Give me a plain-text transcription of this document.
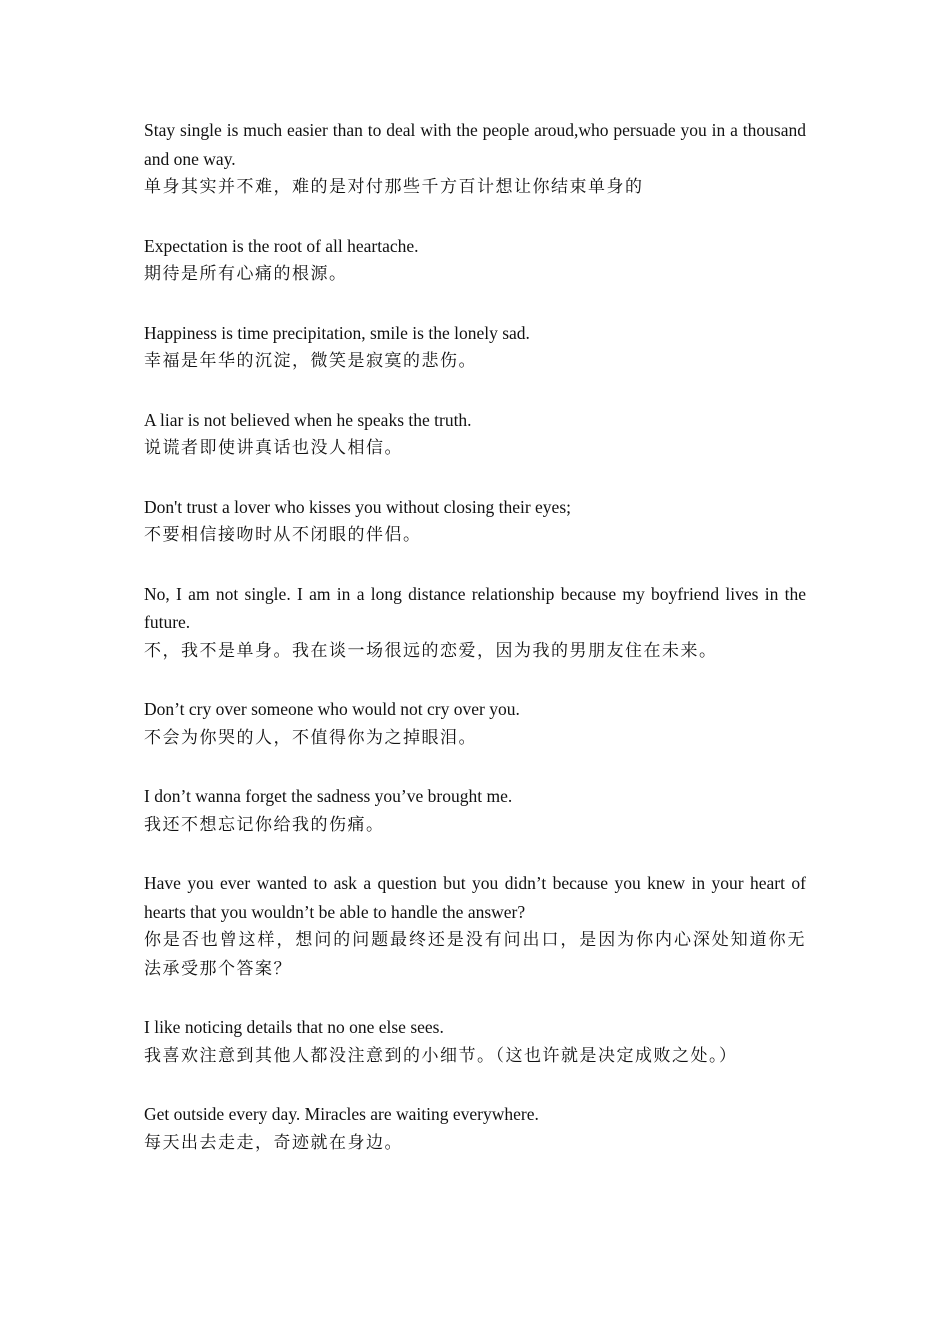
Stay single is much easier than to deal with the people aroud,who persuade you in a thousand and one way.

单身其实并不难，难的是对付那些千方百计想让你结束单身的

Expectation is the root of all heartache.

期待是所有心痛的根源。

Happiness is time precipitation, smile is the lonely sad.

幸福是年华的沉淀，微笑是寂寞的悲伤。

A liar is not believed when he speaks the truth.

说谎者即使讲真话也没人相信。

Don't trust a lover who kisses you without closing their eyes;

不要相信接吻时从不闭眼的伴侣。

No, I am not single. I am in a long distance relationship because my boyfriend lives in the future.

不，我不是单身。我在谈一场很远的恋爱，因为我的男朋友住在未来。

Don’t cry over someone who would not cry over you.

不会为你哭的人，不值得你为之掉眼泪。

I don’t wanna forget the sadness you’ve brought me.

我还不想忘记你给我的伤痛。

Have you ever wanted to ask a question but you didn’t because you knew in your heart of hearts that you wouldn’t be able to handle the answer?

你是否也曾这样，想问的问题最终还是没有问出口，是因为你内心深处知道你无法承受那个答案？

I like noticing details that no one else sees.

我喜欢注意到其他人都没注意到的小细节。（这也许就是决定成败之处。）

Get outside every day. Miracles are waiting everywhere.

每天出去走走，奇迹就在身边。
